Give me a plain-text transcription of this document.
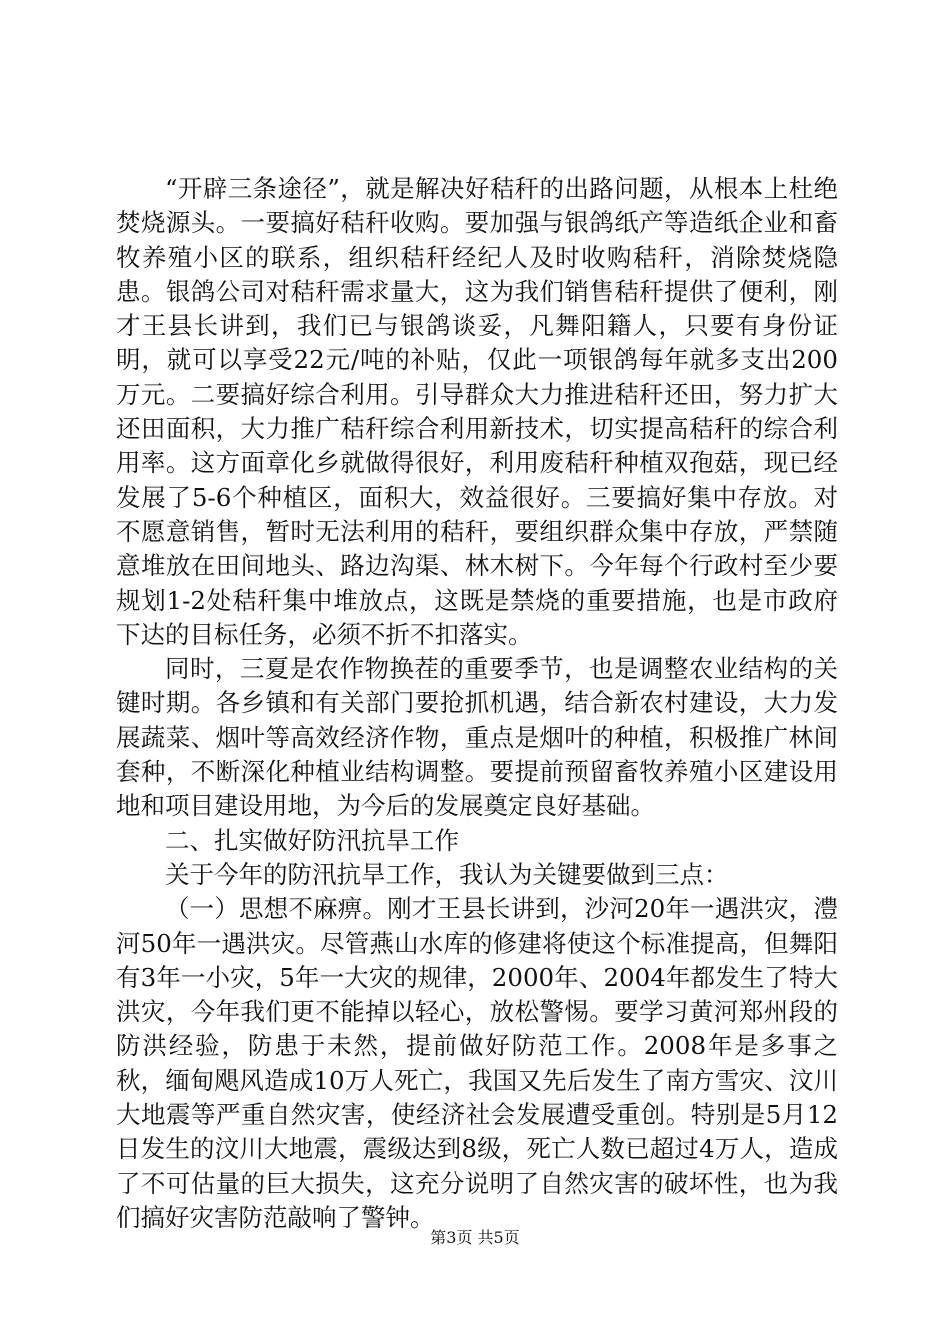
“开辟三条途径”，就是解决好秸秆的出路问题，从根本上杜绝焚烧源头。一要搞好秸秆收购。要加强与银鸽纸产等造纸企业和畜牧养殖小区的联系，组织秸秆经纪人及时收购秸秆，消除焚烧隐患。银鸽公司对秸秆需求量大，这为我们销售秸秆提供了便利，刚才王县长讲到，我们已与银鸽谈妥，凡舞阳籍人，只要有身份证明，就可以享受22元/吨的补贴，仅此一项银鸽每年就多支出200万元。二要搞好综合利用。引导群众大力推进秸秆还田，努力扩大还田面积，大力推广秸秆综合利用新技术，切实提高秸秆的综合利用率。这方面章化乡就做得很好，利用废秸秆种植双孢菇，现已经发展了5-6个种植区，面积大，效益很好。三要搞好集中存放。对不愿意销售，暂时无法利用的秸秆，要组织群众集中存放，严禁随意堆放在田间地头、路边沟渠、林木树下。今年每个行政村至少要规划1-2处秸秆集中堆放点，这既是禁烧的重要措施，也是市政府下达的目标任务，必须不折不扣落实。

同时，三夏是农作物换茬的重要季节，也是调整农业结构的关键时期。各乡镇和有关部门要抢抓机遇，结合新农村建设，大力发展蔬菜、烟叶等高效经济作物，重点是烟叶的种植，积极推广林间套种，不断深化种植业结构调整。要提前预留畜牧养殖小区建设用地和项目建设用地，为今后的发展奠定良好基础。

二、扎实做好防汛抗旱工作

关于今年的防汛抗旱工作，我认为关键要做到三点：

（一）思想不麻痹。刚才王县长讲到，沙河20年一遇洪灾，澧河50年一遇洪灾。尽管燕山水库的修建将使这个标准提高，但舞阳有3年一小灾，5年一大灾的规律，2000年、2004年都发生了特大洪灾，今年我们更不能掉以轻心，放松警惕。要学习黄河郑州段的防洪经验，防患于未然，提前做好防范工作。2008年是多事之秋，缅甸飓风造成10万人死亡，我国又先后发生了南方雪灾、汶川大地震等严重自然灾害，使经济社会发展遭受重创。特别是5月12日发生的汶川大地震，震级达到8级，死亡人数已超过4万人，造成了不可估量的巨大损失，这充分说明了自然灾害的破坏性，也为我们搞好灾害防范敲响了警钟。

第3页 共5页
